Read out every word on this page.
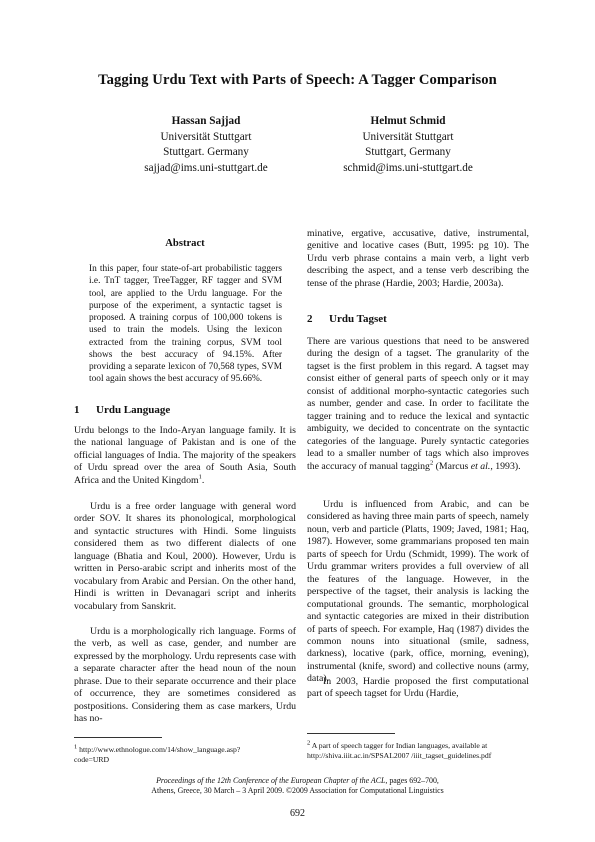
Tagging Urdu Text with Parts of Speech: A Tagger Comparison
Hassan Sajjad
Universität Stuttgart
Stuttgart. Germany
sajjad@ims.uni-stuttgart.de
Helmut Schmid
Universität Stuttgart
Stuttgart, Germany
schmid@ims.uni-stuttgart.de
Abstract

In this paper, four state-of-art probabilistic taggers i.e. TnT tagger, TreeTagger, RF tagger and SVM tool, are applied to the Urdu language. For the purpose of the experiment, a syntactic tagset is proposed. A training corpus of 100,000 tokens is used to train the models. Using the lexicon extracted from the training corpus, SVM tool shows the best accuracy of 94.15%. After providing a separate lexicon of 70,568 types, SVM tool again shows the best accuracy of 95.66%.

1 Urdu Language

Urdu belongs to the Indo-Aryan language family. It is the national language of Pakistan and is one of the official languages of India. The majority of the speakers of Urdu spread over the area of South Asia, South Africa and the United Kingdom$^1$.

Urdu is a free order language with general word order SOV. It shares its phonological, morphological and syntactic structures with Hindi. Some linguists considered them as two different dialects of one language (Bhatia and Koul, 2000). However, Urdu is written in Perso-arabic script and inherits most of the vocabulary from Arabic and Persian. On the other hand, Hindi is written in Devanagari script and inherits vocabulary from Sanskrit.

Urdu is a morphologically rich language. Forms of the verb, as well as case, gender, and number are expressed by the morphology. Urdu represents case with a separate character after the head noun of the noun phrase. Due to their separate occurrence and their place of occurrence, they are sometimes considered as postpositions. Considering them as case markers, Urdu has no-

$^1$ http://www.ethnologue.com/14/show_language.asp?code=URD

minative, ergative, accusative, dative, instrumental, genitive and locative cases (Butt, 1995: pg 10). The Urdu verb phrase contains a main verb, a light verb describing the aspect, and a tense verb describing the tense of the phrase (Hardie, 2003; Hardie, 2003a).

2 Urdu Tagset

There are various questions that need to be answered during the design of a tagset. The granularity of the tagset is the first problem in this regard. A tagset may consist either of general parts of speech only or it may consist of additional morpho-syntactic categories such as number, gender and case. In order to facilitate the tagger training and to reduce the lexical and syntactic ambiguity, we decided to concentrate on the syntactic categories of the language. Purely syntactic categories lead to a smaller number of tags which also improves the accuracy of manual tagging$^2$ (Marcus et al., 1993).

Urdu is influenced from Arabic, and can be considered as having three main parts of speech, namely noun, verb and particle (Platts, 1909; Javed, 1981; Haq, 1987). However, some grammarians proposed ten main parts of speech for Urdu (Schmidt, 1999). The work of Urdu grammar writers provides a full overview of all the features of the language. However, in the perspective of the tagset, their analysis is lacking the computational grounds. The semantic, morphological and syntactic categories are mixed in their distribution of parts of speech. For example, Haq (1987) divides the common nouns into situational (smile, sadness, darkness), locative (park, office, morning, evening), instrumental (knife, sword) and collective nouns (army, data).

In 2003, Hardie proposed the first computational part of speech tagset for Urdu (Hardie,

$^2$ A part of speech tagger for Indian languages, available at http://shiva.iiit.ac.in/SPSAL2007 /iiit_tagset_guidelines.pdf

Proceedings of the 12th Conference of the European Chapter of the ACL, pages 692–700,
Athens, Greece, 30 March – 3 April 2009. ©2009 Association for Computational Linguistics
692
